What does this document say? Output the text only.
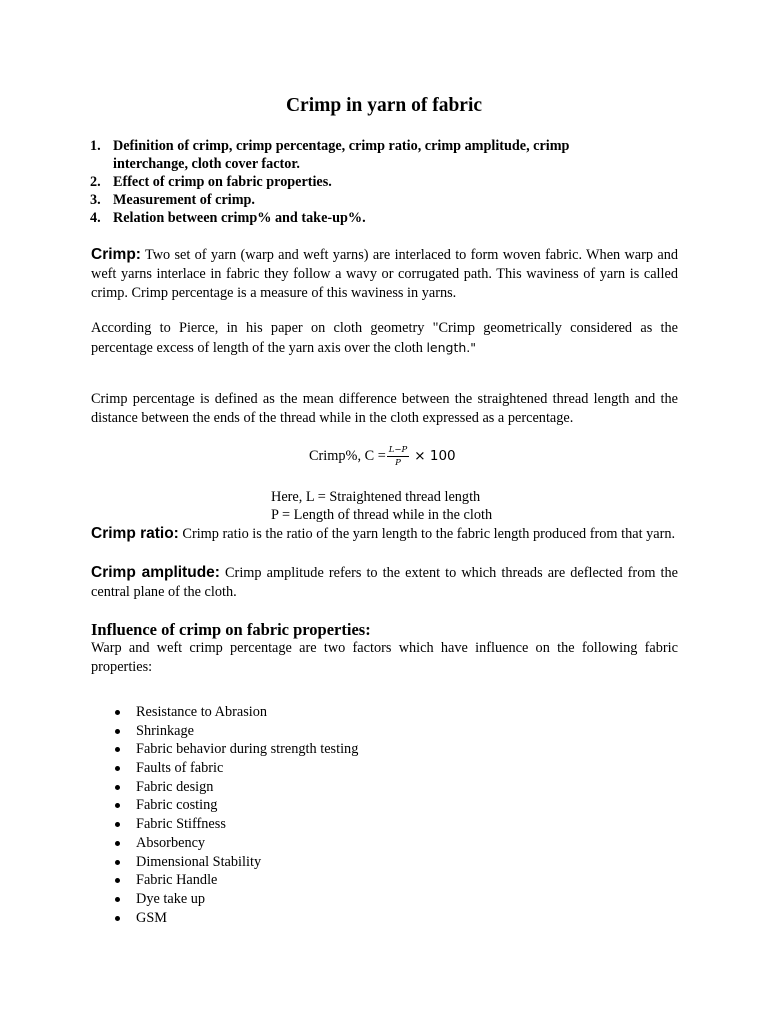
Crimp in yarn of fabric
1. Definition of crimp, crimp percentage, crimp ratio, crimp amplitude, crimp
interchange, cloth cover factor.
2. Effect of crimp on fabric properties.
3. Measurement of crimp.
4. Relation between crimp% and take-up%.

Crimp: Two set of yarn (warp and weft yarns) are interlaced to form woven fabric. When warp and weft yarns interlace in fabric they follow a wavy or corrugated path. This waviness of yarn is called crimp. Crimp percentage is a measure of this waviness in yarns.

According to Pierce, in his paper on cloth geometry "Crimp geometrically considered as the percentage excess of length of the yarn axis over the cloth length."

Crimp percentage is defined as the mean difference between the straightened thread length and the distance between the ends of the thread while in the cloth expressed as a percentage.

Crimp%, $C = \frac{L-P}{P} \times 100$
Here, L = Straightened thread length
P = Length of thread while in the cloth

Crimp ratio: Crimp ratio is the ratio of the yarn length to the fabric length produced from that yarn.

Crimp amplitude: Crimp amplitude refers to the extent to which threads are deflected from the central plane of the cloth.

Influence of crimp on fabric properties:

Warp and weft crimp percentage are two factors which have influence on the following fabric properties:

Resistance to Abrasion
Shrinkage
Fabric behavior during strength testing
Faults of fabric
Fabric design
Fabric costing
Fabric Stiffness
Absorbency
Dimensional Stability
Fabric Handle
Dye take up
GSM
